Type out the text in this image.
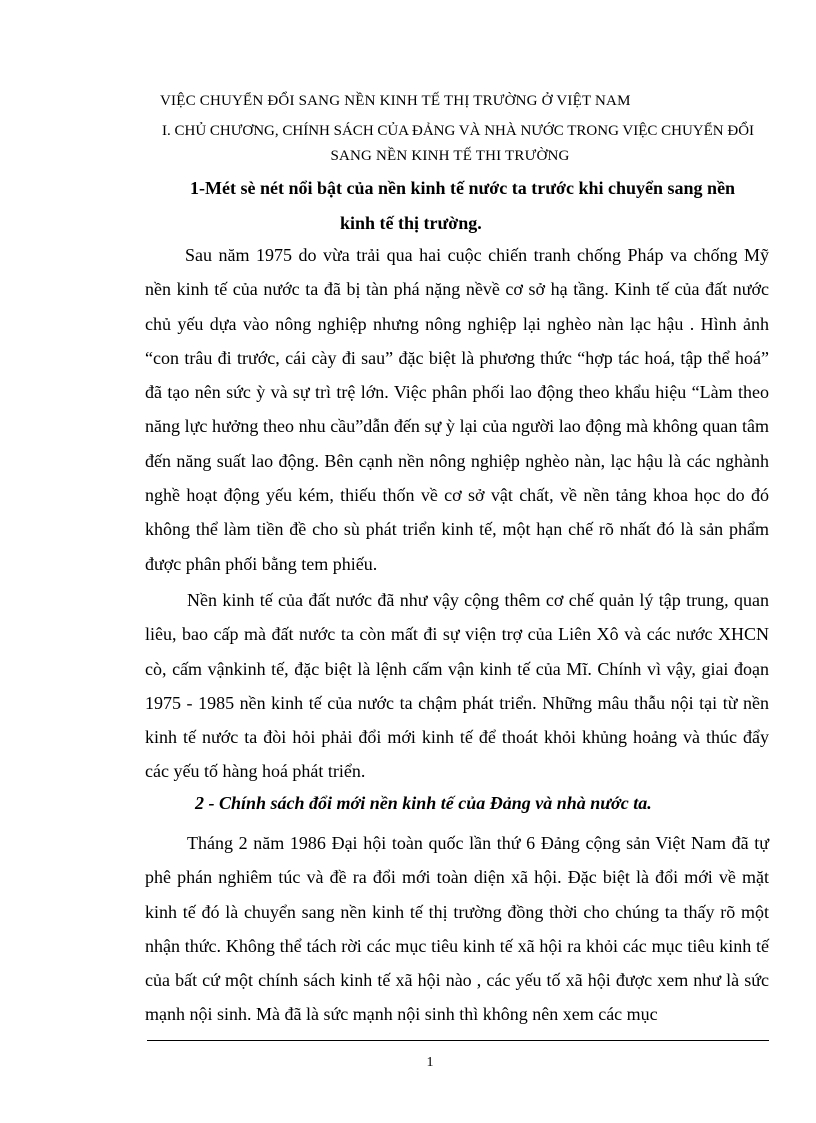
VIỆC CHUYỂN ĐỔI SANG NỀN KINH TẾ THỊ TRƯỜNG Ở VIỆT NAM
I. CHỦ CHƯƠNG, CHÍNH SÁCH CỦA ĐẢNG VÀ NHÀ NƯỚC TRONG VIỆC CHUYỂN ĐỔI
SANG NỀN KINH TẾ THI TRƯỜNG
1-Mét sè nét nổi bật của nền kinh tế nước ta trước khi chuyển sang nền
kinh tế thị trường.

Sau năm 1975 do vừa trải qua hai cuộc chiến tranh chống Pháp va chống Mỹ nền kinh tế của nước ta đã bị tàn phá nặng nềvề cơ sở hạ tầng. Kinh tế của đất nước chủ yếu dựa vào nông nghiệp nhưng nông nghiệp lại nghèo nàn lạc hậu . Hình ảnh “con trâu đi trước, cái cày đi sau” đặc biệt là phương thức “hợp tác hoá, tập thể hoá” đã tạo nên sức ỳ và sự trì trệ lớn. Việc phân phối lao động theo khẩu hiệu “Làm theo năng lực hưởng theo nhu cầu”dẫn đến sự ỳ lại của người lao động mà không quan tâm đến năng suất lao động. Bên cạnh nền nông nghiệp nghèo nàn, lạc hậu là các nghành nghề hoạt động yếu kém, thiếu thốn về cơ sở vật chất, về nền tảng khoa học do đó không thể làm tiền đề cho sù phát triển kinh tế, một hạn chế rõ nhất đó là sản phẩm được phân phối bằng tem phiếu.

Nền kinh tế của đất nước đã như vậy cộng thêm cơ chế quản lý tập trung, quan liêu, bao cấp mà đất nước ta còn mất đi sự viện trợ của Liên Xô và các nước XHCN cò, cấm vậnkinh tế, đặc biệt là lệnh cấm vận kinh tế của Mĩ. Chính vì vậy, giai đoạn 1975 - 1985 nền kinh tế của nước ta chậm phát triển. Những mâu thẫu nội tại từ nền kinh tế nước ta đòi hỏi phải đổi mới kinh tế để thoát khỏi khủng hoảng và thúc đẩy các yếu tố hàng hoá phát triển.

2 - Chính sách đổi mới nền kinh tế của Đảng và nhà nước ta.

Tháng 2 năm 1986 Đại hội toàn quốc lần thứ 6 Đảng cộng sản Việt Nam đã tự phê phán nghiêm túc và đề ra đổi mới toàn diện xã hội. Đặc biệt là đổi mới về mặt kinh tế đó là chuyển sang nền kinh tế thị trường đồng thời cho chúng ta thấy rõ một nhận thức. Không thể tách rời các mục tiêu kinh tế xã hội ra khỏi các mục tiêu kinh tế của bất cứ một chính sách kinh tế xã hội nào , các yếu tố xã hội được xem như là sức mạnh nội sinh. Mà đã là sức mạnh nội sinh thì không nên xem các mục

1
